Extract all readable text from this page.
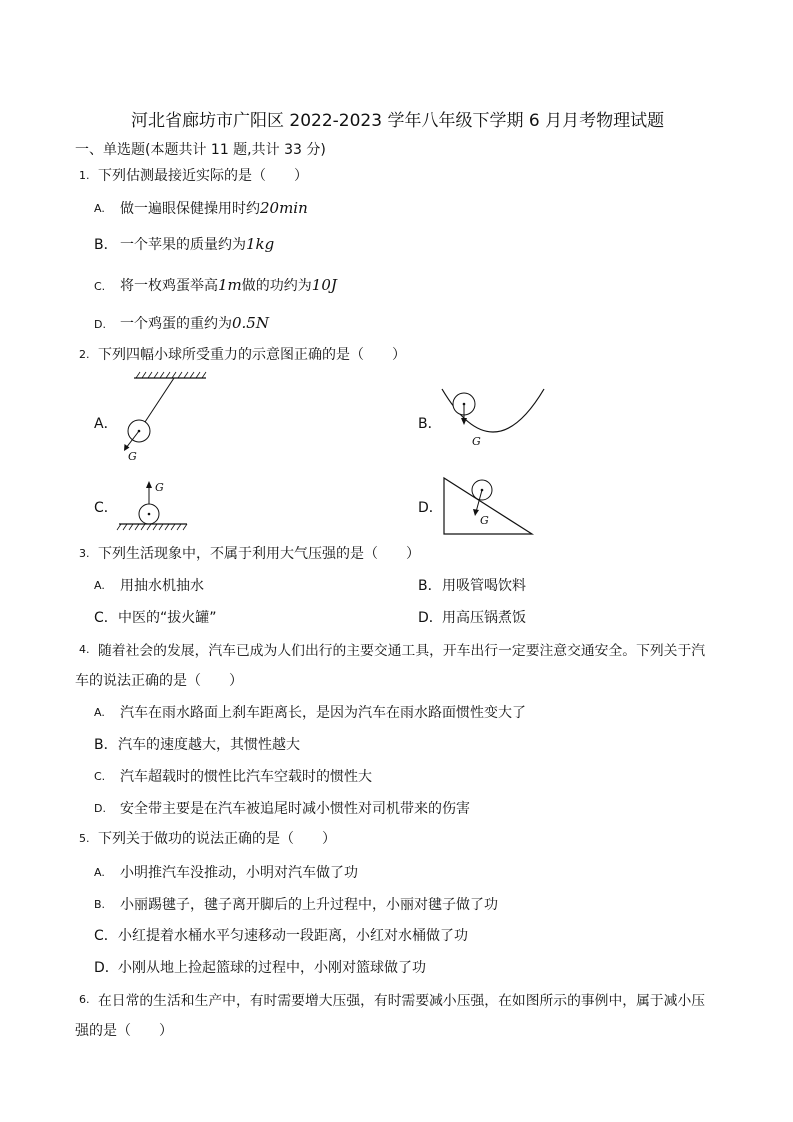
河北省廊坊市广阳区 2022-2023 学年八年级下学期 6 月月考物理试题
一、单选题(本题共计 11 题,共计 33 分)
1. 下列估测最接近实际的是（　　）
A. 做一遍眼保健操用时约20min
B． 一个苹果的质量约为1kg
C. 将一枚鸡蛋举高1m做的功约为10J
D. 一个鸡蛋的重约为0.5N
2. 下列四幅小球所受重力的示意图正确的是（　　）
A．	B．
C．	D．
G
G
G
G
3. 下列生活现象中，不属于利用大气压强的是（　　）
A. 用抽水机抽水	B． 用吸管喝饮料
C． 中医的“拔火罐”	D． 用高压锅煮饭
4. 随着社会的发展，汽车已成为人们出行的主要交通工具，开车出行一定要注意交通安全。下列关于汽
车的说法正确的是（　　）
A. 汽车在雨水路面上刹车距离长，是因为汽车在雨水路面惯性变大了
B． 汽车的速度越大，其惯性越大
C. 汽车超载时的惯性比汽车空载时的惯性大
D. 安全带主要是在汽车被追尾时减小惯性对司机带来的伤害
5. 下列关于做功的说法正确的是（　　）
A. 小明推汽车没推动，小明对汽车做了功
B. 小丽踢毽子，毽子离开脚后的上升过程中，小丽对毽子做了功
C． 小红提着水桶水平匀速移动一段距离，小红对水桶做了功
D． 小刚从地上捡起篮球的过程中，小刚对篮球做了功
6. 在日常的生活和生产中，有时需要增大压强，有时需要减小压强，在如图所示的事例中，属于减小压
强的是（　　）
